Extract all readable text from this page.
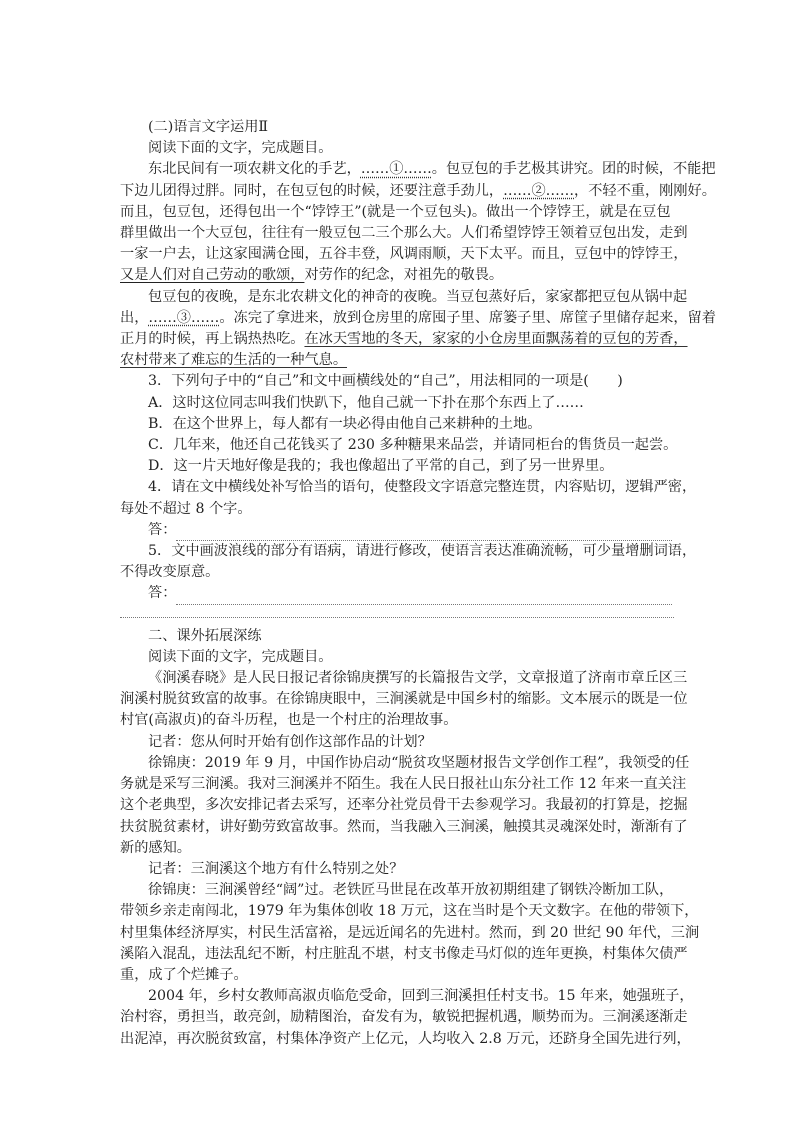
(二)语言文字运用Ⅱ

阅读下面的文字，完成题目。

东北民间有一项农耕文化的手艺，……①……。包豆包的手艺极其讲究。团的时候，不能把

下边儿团得过胖。同时，在包豆包的时候，还要注意手劲儿，……②……，不轻不重，刚刚好。

而且，包豆包，还得包出一个“饽饽王”(就是一个豆包头)。做出一个饽饽王，就是在豆包

群里做出一个大豆包，往往有一般豆包二三个那么大。人们希望饽饽王领着豆包出发，走到

一家一户去，让这家囤满仓囤，五谷丰登，风调雨顺，天下太平。而且，豆包中的饽饽王，

又是人们对自己劳动的歌颂，对劳作的纪念，对祖先的敬畏。

包豆包的夜晚，是东北农耕文化的神奇的夜晚。当豆包蒸好后，家家都把豆包从锅中起

出，……③……。冻完了拿进来，放到仓房里的席囤子里、席篓子里、席筐子里储存起来，留着

正月的时候，再上锅热热吃。在冰天雪地的冬天，家家的小仓房里面飘荡着的豆包的芳香，

农村带来了难忘的生活的一种气息。

3．下列句子中的“自己”和文中画横线处的“自己”，用法相同的一项是(　　)

A．这时这位同志叫我们快趴下，他自己就一下扑在那个东西上了……

B．在这个世界上，每人都有一块必得由他自己来耕种的土地。

C．几年来，他还自己花钱买了 230 多种糖果来品尝，并请同柜台的售货员一起尝。

D．这一片天地好像是我的；我也像超出了平常的自己，到了另一世界里。

4．请在文中横线处补写恰当的语句，使整段文字语意完整连贯，内容贴切，逻辑严密，

每处不超过 8 个字。

答：

5．文中画波浪线的部分有语病，请进行修改，使语言表达准确流畅，可少量增删词语，

不得改变原意。

答：

二、课外拓展深练

阅读下面的文字，完成题目。

《涧溪春晓》是人民日报记者徐锦庚撰写的长篇报告文学，文章报道了济南市章丘区三

涧溪村脱贫致富的故事。在徐锦庚眼中，三涧溪就是中国乡村的缩影。文本展示的既是一位

村官(高淑贞)的奋斗历程，也是一个村庄的治理故事。

记者：您从何时开始有创作这部作品的计划？

徐锦庚：2019 年 9 月，中国作协启动“脱贫攻坚题材报告文学创作工程”，我领受的任

务就是采写三涧溪。我对三涧溪并不陌生。我在人民日报社山东分社工作 12 年来一直关注

这个老典型，多次安排记者去采写，还率分社党员骨干去参观学习。我最初的打算是，挖掘

扶贫脱贫素材，讲好勤劳致富故事。然而，当我融入三涧溪，触摸其灵魂深处时，渐渐有了

新的感知。

记者：三涧溪这个地方有什么特别之处？

徐锦庚：三涧溪曾经“阔”过。老铁匠马世昆在改革开放初期组建了钢铁冷断加工队，

带领乡亲走南闯北，1979 年为集体创收 18 万元，这在当时是个天文数字。在他的带领下，

村里集体经济厚实，村民生活富裕，是远近闻名的先进村。然而，到 20 世纪 90 年代，三涧

溪陷入混乱，违法乱纪不断，村庄脏乱不堪，村支书像走马灯似的连年更换，村集体欠债严

重，成了个烂摊子。

2004 年，乡村女教师高淑贞临危受命，回到三涧溪担任村支书。15 年来，她强班子，

治村容，勇担当，敢亮剑，励精图治，奋发有为，敏锐把握机遇，顺势而为。三涧溪逐渐走

出泥淖，再次脱贫致富，村集体净资产上亿元，人均收入 2.8 万元，还跻身全国先进行列，
